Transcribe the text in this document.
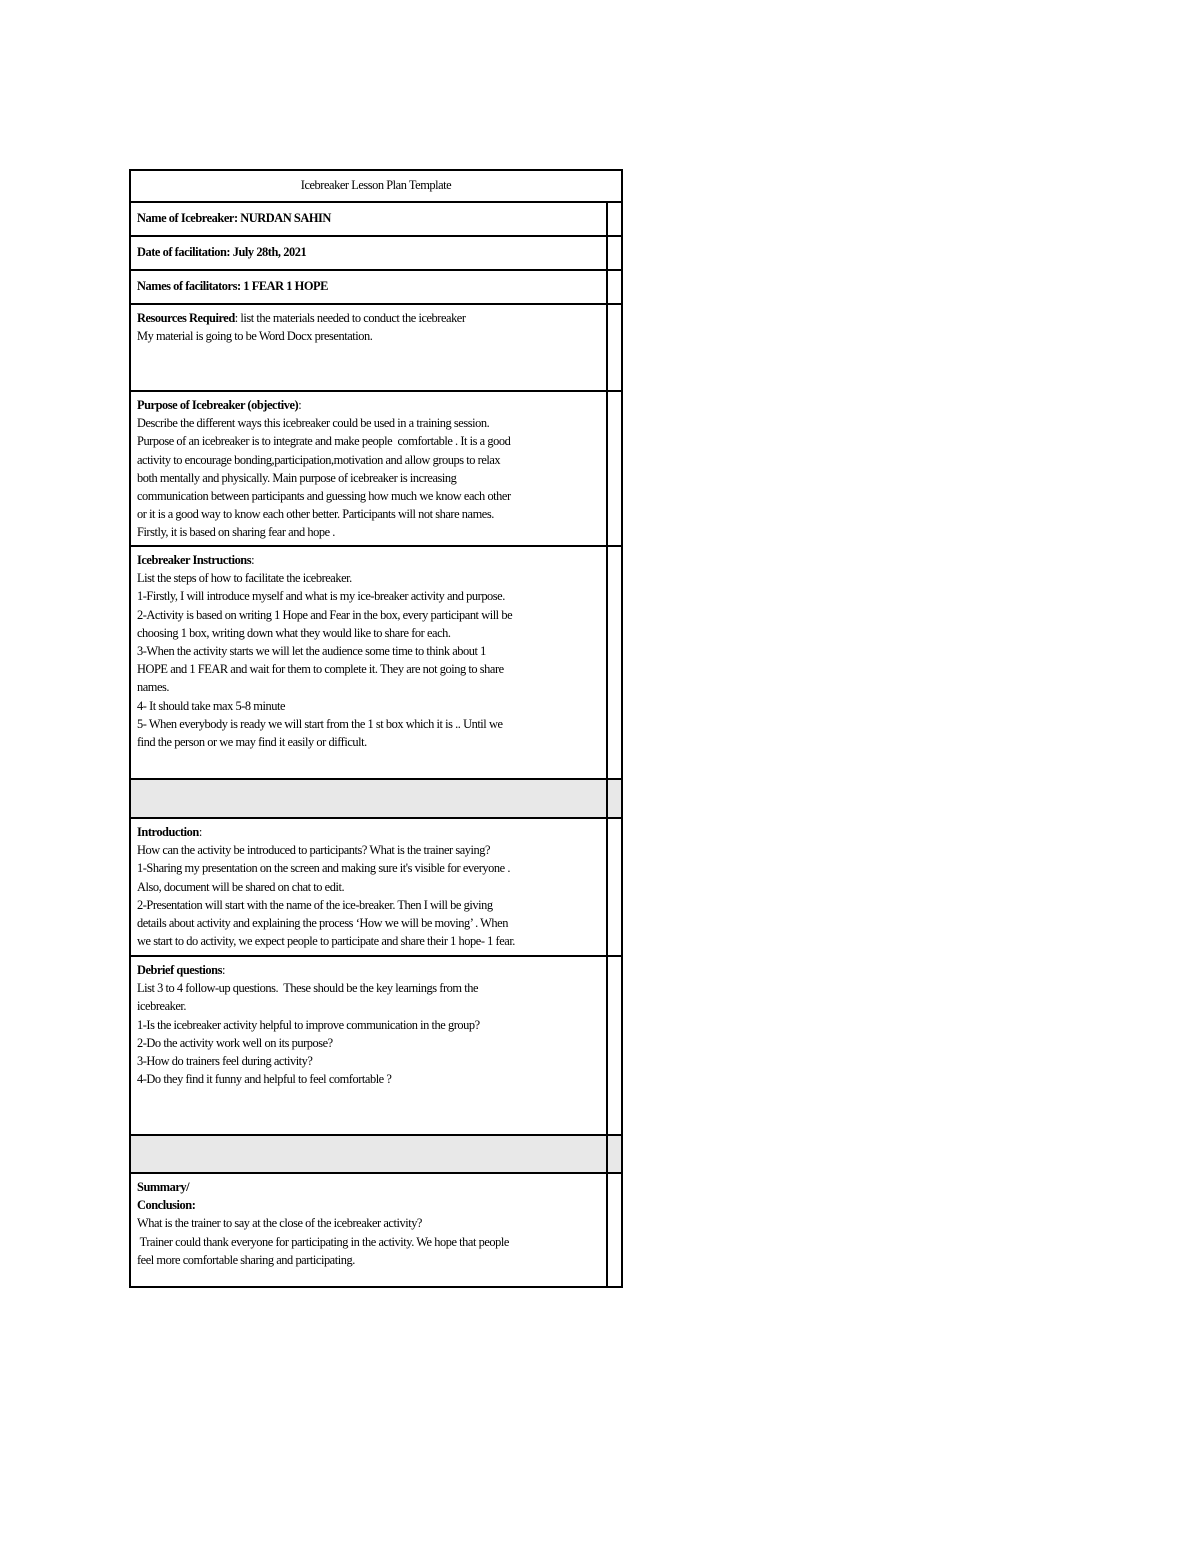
Icebreaker Lesson Plan Template
Name of Icebreaker: NURDAN SAHIN
Date of facilitation: July 28th, 2021
Names of facilitators: 1 FEAR 1 HOPE
Resources Required: list the materials needed to conduct the icebreaker
My material is going to be Word Docx presentation.
Purpose of Icebreaker (objective):
Describe the different ways this icebreaker could be used in a training session.
Purpose of an icebreaker is to integrate and make people  comfortable . It is a good
activity to encourage bonding,participation,motivation and allow groups to relax
both mentally and physically. Main purpose of icebreaker is increasing
communication between participants and guessing how much we know each other
or it is a good way to know each other better. Participants will not share names.
Firstly, it is based on sharing fear and hope .
Icebreaker Instructions:
List the steps of how to facilitate the icebreaker.
1-Firstly, I will introduce myself and what is my ice-breaker activity and purpose.
2-Activity is based on writing 1 Hope and Fear in the box, every participant will be
choosing 1 box, writing down what they would like to share for each.
3-When the activity starts we will let the audience some time to think about 1
HOPE and 1 FEAR and wait for them to complete it. They are not going to share
names.
4- It should take max 5-8 minute
5- When everybody is ready we will start from the 1 st box which it is .. Until we
find the person or we may find it easily or difficult.
Introduction:
How can the activity be introduced to participants? What is the trainer saying?
1-Sharing my presentation on the screen and making sure it's visible for everyone .
Also, document will be shared on chat to edit.
2-Presentation will start with the name of the ice-breaker. Then I will be giving
details about activity and explaining the process ‘How we will be moving’ . When
we start to do activity, we expect people to participate and share their 1 hope- 1 fear.
Debrief questions:
List 3 to 4 follow-up questions.  These should be the key learnings from the
icebreaker.
1-Is the icebreaker activity helpful to improve communication in the group?
2-Do the activity work well on its purpose?
3-How do trainers feel during activity?
4-Do they find it funny and helpful to feel comfortable ?
Summary/
Conclusion:
What is the trainer to say at the close of the icebreaker activity?
Trainer could thank everyone for participating in the activity. We hope that people
feel more comfortable sharing and participating.
